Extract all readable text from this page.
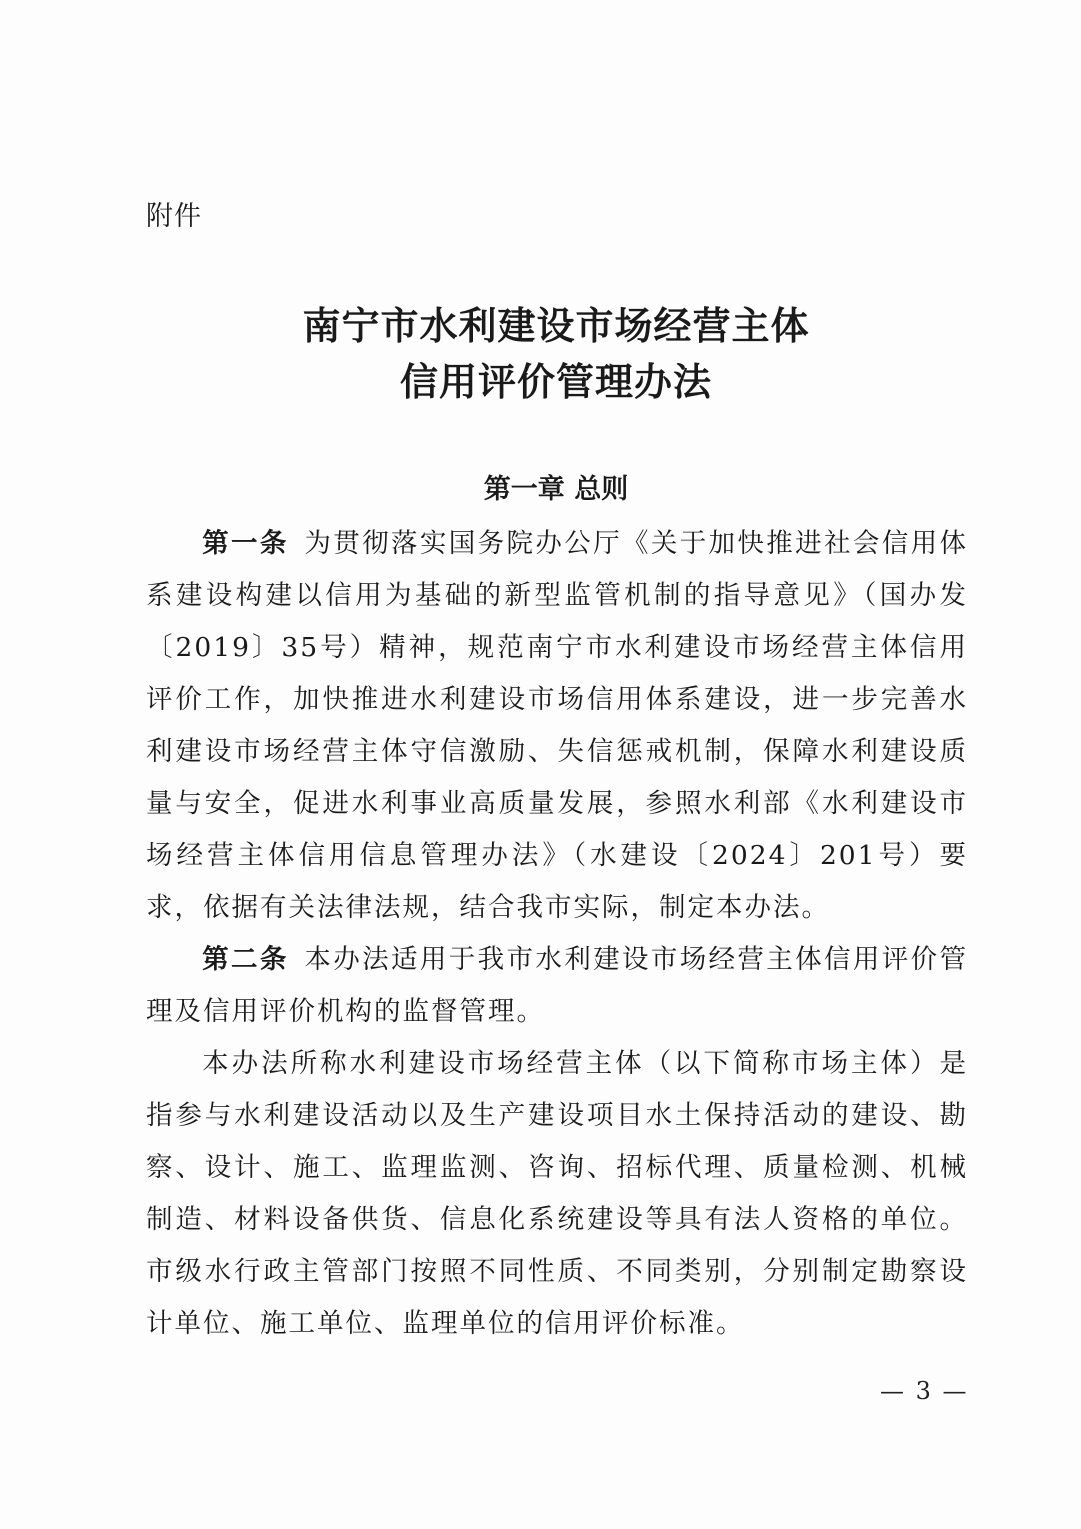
附件
南宁市水利建设市场经营主体
信用评价管理办法
第一章 总则

第一条  为贯彻落实国务院办公厅《关于加快推进社会信用体系建设构建以信用为基础的新型监管机制的指导意见》（国办发〔2019〕35号）精神，规范南宁市水利建设市场经营主体信用评价工作，加快推进水利建设市场信用体系建设，进一步完善水利建设市场经营主体守信激励、失信惩戒机制，保障水利建设质量与安全，促进水利事业高质量发展，参照水利部《水利建设市场经营主体信用信息管理办法》（水建设〔2024〕201号）要求，依据有关法律法规，结合我市实际，制定本办法。

第二条  本办法适用于我市水利建设市场经营主体信用评价管理及信用评价机构的监督管理。

本办法所称水利建设市场经营主体（以下简称市场主体）是指参与水利建设活动以及生产建设项目水土保持活动的建设、勘察、设计、施工、监理监测、咨询、招标代理、质量检测、机械制造、材料设备供货、信息化系统建设等具有法人资格的单位。市级水行政主管部门按照不同性质、不同类别，分别制定勘察设计单位、施工单位、监理单位的信用评价标准。

— 3 —
